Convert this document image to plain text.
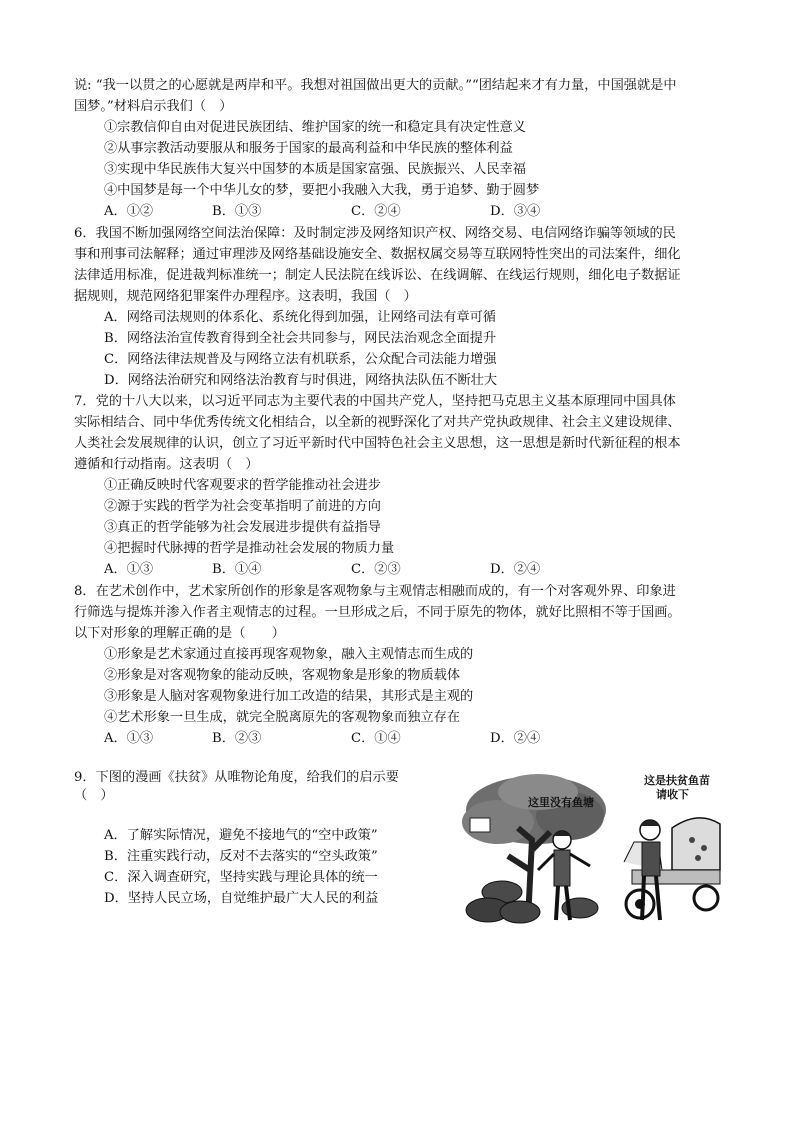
说: “我一以贯之的心愿就是两岸和平。我想对祖国做出更大的贡献。”“团结起来才有力量，中国强就是中
国梦。”材料启示我们（　）
①宗教信仰自由对促进民族团结、维护国家的统一和稳定具有决定性意义
②从事宗教活动要服从和服务于国家的最高利益和中华民族的整体利益
③实现中华民族伟大复兴中国梦的本质是国家富强、民族振兴、人民幸福
④中国梦是每一个中华儿女的梦，要把小我融入大我，勇于追梦、勤于圆梦
A．①②	B．①③	C．②④	D．③④
6．我国不断加强网络空间法治保障：及时制定涉及网络知识产权、网络交易、电信网络诈骗等领域的民
事和刑事司法解释；通过审理涉及网络基础设施安全、数据权属交易等互联网特性突出的司法案件，细化
法律适用标准，促进裁判标准统一；制定人民法院在线诉讼、在线调解、在线运行规则，细化电子数据证
据规则，规范网络犯罪案件办理程序。这表明，我国（　）
A．网络司法规则的体系化、系统化得到加强，让网络司法有章可循
B．网络法治宣传教育得到全社会共同参与，网民法治观念全面提升
C．网络法律法规普及与网络立法有机联系，公众配合司法能力增强
D．网络法治研究和网络法治教育与时俱进，网络执法队伍不断壮大
7．党的十八大以来，以习近平同志为主要代表的中国共产党人，坚持把马克思主义基本原理同中国具体
实际相结合、同中华优秀传统文化相结合，以全新的视野深化了对共产党执政规律、社会主义建设规律、
人类社会发展规律的认识，创立了习近平新时代中国特色社会主义思想，这一思想是新时代新征程的根本
遵循和行动指南。这表明（　）
①正确反映时代客观要求的哲学能推动社会进步
②源于实践的哲学为社会变革指明了前进的方向
③真正的哲学能够为社会发展进步提供有益指导
④把握时代脉搏的哲学是推动社会发展的物质力量
A．①③	B．①④	C．②③	D．②④
8．在艺术创作中，艺术家所创作的形象是客观物象与主观情志相融而成的，有一个对客观外界、印象进
行筛选与提炼并渗入作者主观情志的过程。一旦形成之后，不同于原先的物体，就好比照相不等于国画。
以下对形象的理解正确的是（　　）
①形象是艺术家通过直接再现客观物象，融入主观情志而生成的
②形象是对客观物象的能动反映，客观物象是形象的物质载体
③形象是人脑对客观物象进行加工改造的结果，其形式是主观的
④艺术形象一旦生成，就完全脱离原先的客观物象而独立存在
A．①③	B．②③	C．①④	D．②④
9．下图的漫画《扶贫》从唯物论角度，给我们的启示要
（　）
A．了解实际情况，避免不接地气的“空中政策”
B．注重实践行动，反对不去落实的“空头政策”
C．深入调查研究，坚持实践与理论具体的统一
D．坚持人民立场，自觉维护最广大人民的利益
这里没有鱼塘
这是扶贫鱼苗
请收下
